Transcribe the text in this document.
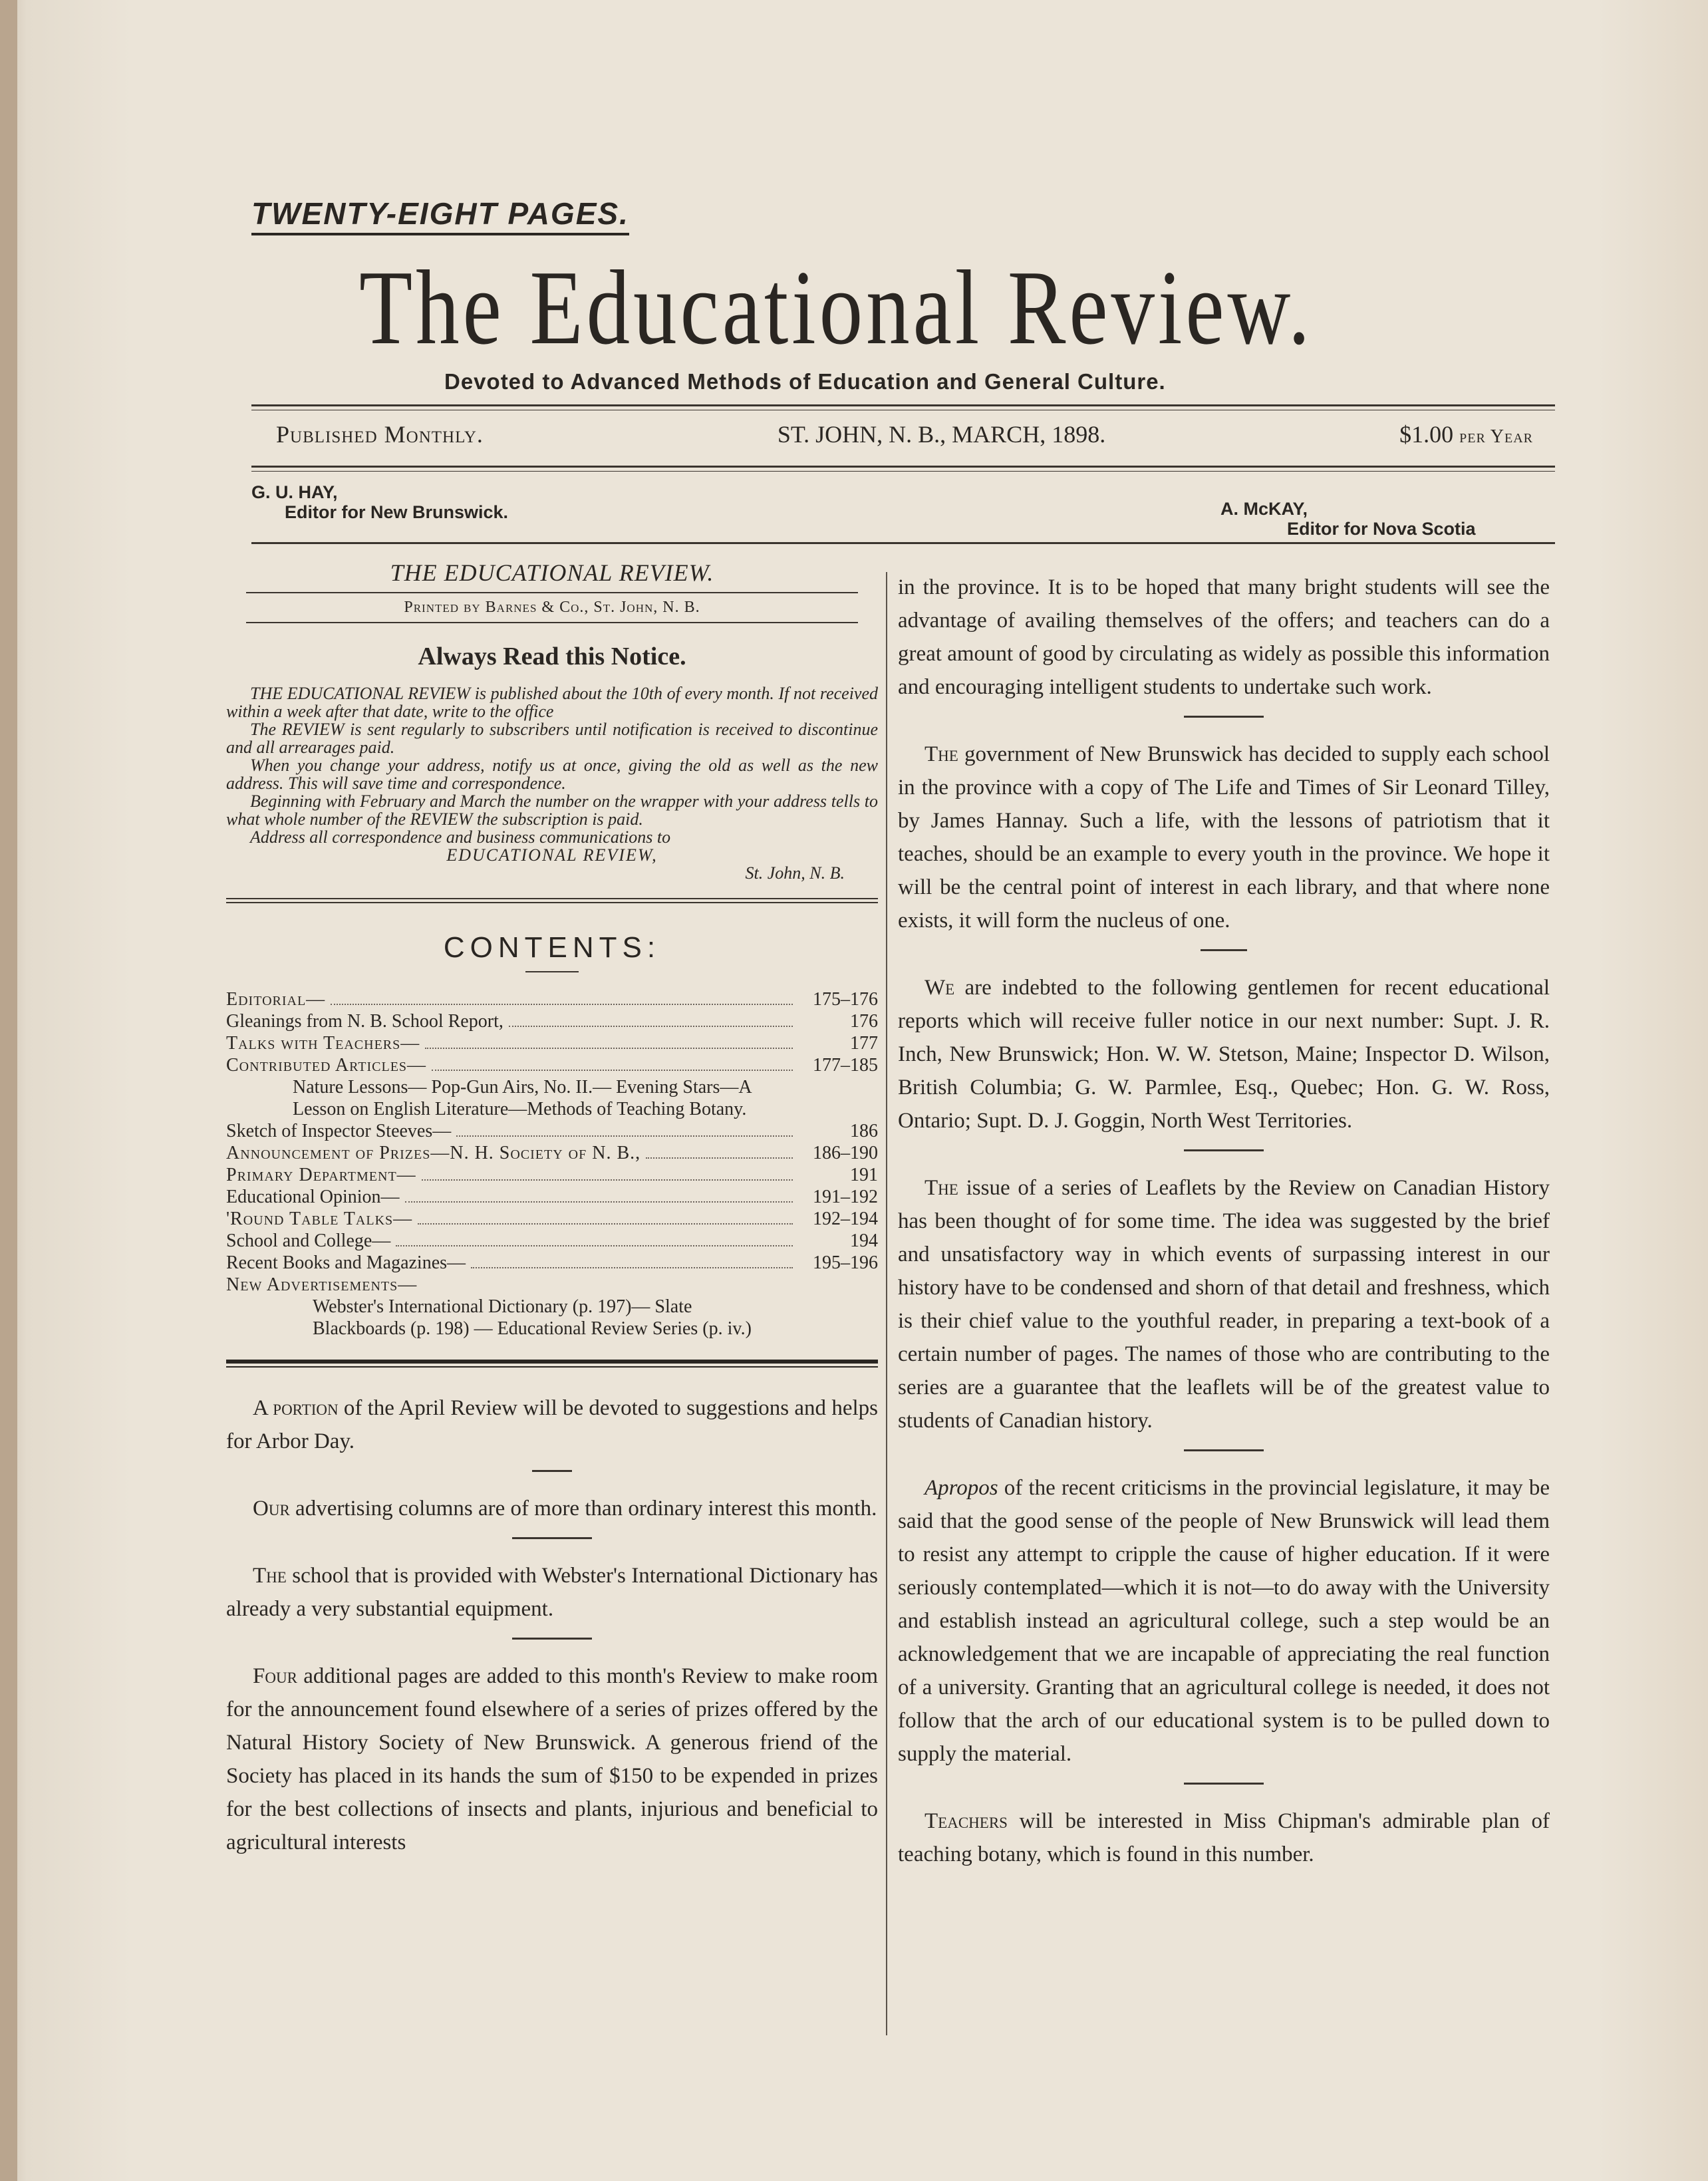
TWENTY-EIGHT PAGES.
The Educational Review.
Devoted to Advanced Methods of Education and General Culture.
Published Monthly.	ST. JOHN, N. B., MARCH, 1898.	$1.00 per Year
G. U. HAY,
Editor for New Brunswick.	A. McKAY,
Editor for Nova Scotia
THE EDUCATIONAL REVIEW.
Printed by Barnes & Co., St. John, N. B.
Always Read this Notice.

THE EDUCATIONAL REVIEW is published about the 10th of every month. If not received within a week after that date, write to the office

The REVIEW is sent regularly to subscribers until notification is received to discontinue and all arrearages paid.

When you change your address, notify us at once, giving the old as well as the new address. This will save time and correspondence.

Beginning with February and March the number on the wrapper with your address tells to what whole number of the REVIEW the subscription is paid.

Address all correspondence and business communications to

EDUCATIONAL REVIEW,

St. John, N. B.

CONTENTS:
Editorial—	175–176
Gleanings from N. B. School Report,	176
Talks with Teachers—	177
Contributed Articles—	177–185
Nature Lessons— Pop-Gun Airs, No. II.— Evening Stars—A Lesson on English Literature—Methods of Teaching Botany.
Sketch of Inspector Steeves—	186
Announcement of Prizes—N. H. Society of N. B.,	186–190
Primary Department—	191
Educational Opinion—	191–192
'Round Table Talks—	192–194
School and College—	194
Recent Books and Magazines—	195–196
New Advertisements—
Webster's International Dictionary (p. 197)— Slate Blackboards (p. 198) — Educational Review Series (p. iv.)

A portion of the April Review will be devoted to suggestions and helps for Arbor Day.

Our advertising columns are of more than ordinary interest this month.

The school that is provided with Webster's International Dictionary has already a very substantial equipment.

Four additional pages are added to this month's Review to make room for the announcement found elsewhere of a series of prizes offered by the Natural History Society of New Brunswick. A generous friend of the Society has placed in its hands the sum of $150 to be expended in prizes for the best collections of insects and plants, injurious and beneficial to agricultural interests

in the province. It is to be hoped that many bright students will see the advantage of availing themselves of the offers; and teachers can do a great amount of good by circulating as widely as possible this information and encouraging intelligent students to undertake such work.

The government of New Brunswick has decided to supply each school in the province with a copy of The Life and Times of Sir Leonard Tilley, by James Hannay. Such a life, with the lessons of patriotism that it teaches, should be an example to every youth in the province. We hope it will be the central point of interest in each library, and that where none exists, it will form the nucleus of one.

We are indebted to the following gentlemen for recent educational reports which will receive fuller notice in our next number: Supt. J. R. Inch, New Brunswick; Hon. W. W. Stetson, Maine; Inspector D. Wilson, British Columbia; G. W. Parmlee, Esq., Quebec; Hon. G. W. Ross, Ontario; Supt. D. J. Goggin, North West Territories.

The issue of a series of Leaflets by the Review on Canadian History has been thought of for some time. The idea was suggested by the brief and unsatisfactory way in which events of surpassing interest in our history have to be condensed and shorn of that detail and freshness, which is their chief value to the youthful reader, in preparing a text-book of a certain number of pages. The names of those who are contributing to the series are a guarantee that the leaflets will be of the greatest value to students of Canadian history.

Apropos of the recent criticisms in the provincial legislature, it may be said that the good sense of the people of New Brunswick will lead them to resist any attempt to cripple the cause of higher education. If it were seriously contemplated—which it is not—to do away with the University and establish instead an agricultural college, such a step would be an acknowledgement that we are incapable of appreciating the real function of a university. Granting that an agricultural college is needed, it does not follow that the arch of our educational system is to be pulled down to supply the material.

Teachers will be interested in Miss Chipman's admirable plan of teaching botany, which is found in this number.
